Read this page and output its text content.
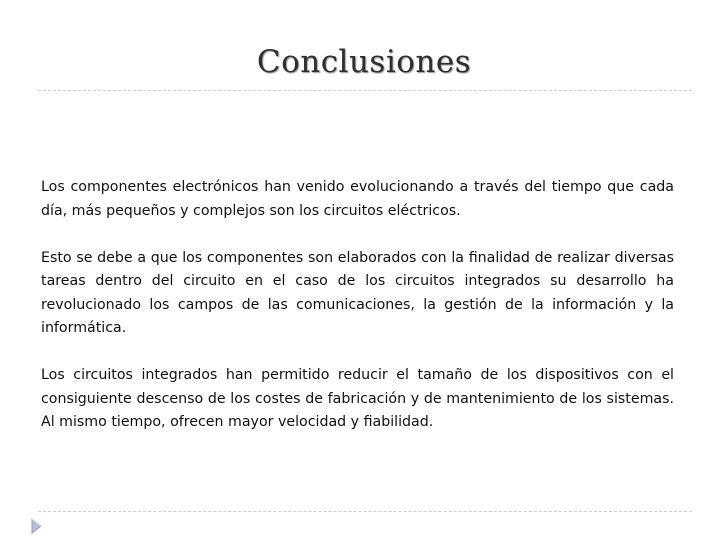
Conclusiones

Los componentes electrónicos han venido evolucionando a través del tiempo que cada día, más pequeños y complejos son los circuitos eléctricos.

Esto se debe a que los componentes son elaborados con la finalidad de realizar diversas tareas dentro del circuito en el caso de los circuitos integrados su desarrollo ha revolucionado los campos de las comunicaciones, la gestión de la información y la informática.

Los circuitos integrados han permitido reducir el tamaño de los dispositivos con el consiguiente descenso de los costes de fabricación y de mantenimiento de los sistemas. Al mismo tiempo, ofrecen mayor velocidad y fiabilidad.
